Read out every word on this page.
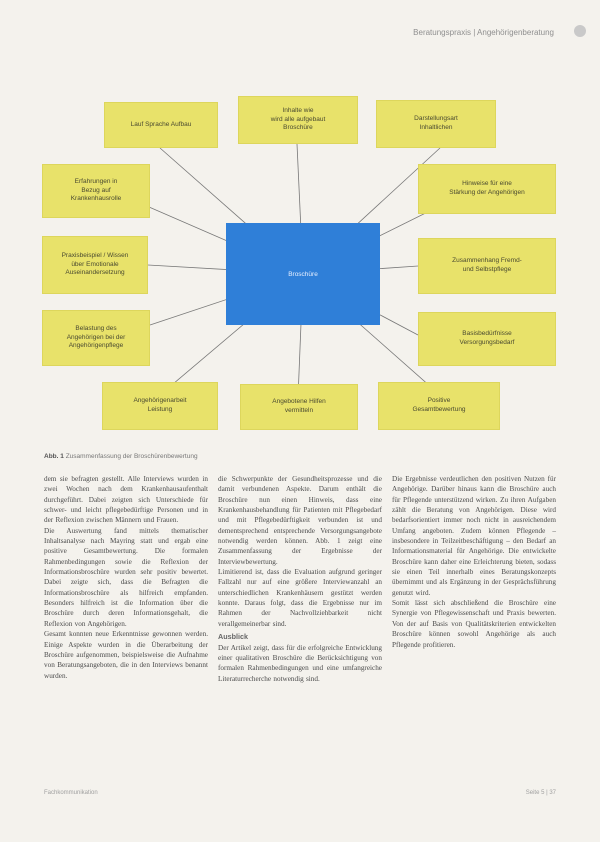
Beratungspraxis | Angehörigenberatung
Lauf Sprache Aufbau
Inhalte wie
wird alle aufgebaut
Broschüre
Darstellungsart
Inhaltlichen
Erfahrungen in
Bezug auf
Krankenhausrolle
Hinweise für eine
Stärkung der Angehörigen
Praxisbeispiel / Wissen
über Emotionale
Auseinandersetzung
Zusammenhang Fremd-
und Selbstpflege
Belastung des
Angehörigen bei der
Angehörigenpflege
Basisbedürfnisse
Versorgungsbedarf
Angehörigenarbeit
Leistung
Angebotene Hilfen
vermitteln
Positive
Gesamtbewertung
Broschüre
Abb. 1 Zusammenfassung der Broschürenbewertung

dem sie befragten gestellt. Alle Interviews wurden in zwei Wochen nach dem Krankenhausaufenthalt durchgeführt. Dabei zeigten sich Unterschiede für schwer- und leicht pflegebedürftige Personen und in der Reflexion zwischen Männern und Frauen.

Die Auswertung fand mittels thematischer Inhaltsanalyse nach Mayring statt und ergab eine positive Gesamtbewertung. Die formalen Rahmenbedingungen sowie die Reflexion der Informationsbroschüre wurden sehr positiv bewertet. Dabei zeigte sich, dass die Befragten die Informationsbroschüre als hilfreich empfanden. Besonders hilfreich ist die Information über die Broschüre durch deren Informationsgehalt, die Reflexion von Angehörigen.

Gesamt konnten neue Erkenntnisse gewonnen werden. Einige Aspekte wurden in die Überarbeitung der Broschüre aufgenommen, beispielsweise die Aufnahme von Beratungsangeboten, die in den Interviews benannt wurden.

die Schwerpunkte der Gesundheitsprozesse und die damit verbundenen Aspekte. Darum enthält die Broschüre nun einen Hinweis, dass eine Krankenhausbehandlung für Patienten mit Pflegebedarf und mit Pflegebedürftigkeit verbunden ist und dementsprechend entsprechende Versorgungsangebote notwendig werden können. Abb. 1 zeigt eine Zusammenfassung der Ergebnisse der Interviewbewertung.

Limitierend ist, dass die Evaluation aufgrund geringer Fallzahl nur auf eine größere Interviewanzahl an unterschiedlichen Krankenhäusern gestützt werden konnte. Daraus folgt, dass die Ergebnisse nur im Rahmen der Nachvollziehbarkeit nicht verallgemeinerbar sind.

Ausblick

Der Artikel zeigt, dass für die erfolgreiche Entwicklung einer qualitativen Broschüre die Berücksichtigung von formalen Rahmenbedingungen und eine umfangreiche Literaturrecherche notwendig sind.

Die Ergebnisse verdeutlichen den positiven Nutzen für Angehörige. Darüber hinaus kann die Broschüre auch für Pflegende unterstützend wirken. Zu ihren Aufgaben zählt die Beratung von Angehörigen. Diese wird bedarfsorientiert immer noch nicht in ausreichendem Umfang angeboten. Zudem können Pflegende – insbesondere in Teilzeitbeschäftigung – den Bedarf an Informationsmaterial für Angehörige. Die entwickelte Broschüre kann daher eine Erleichterung bieten, sodass sie einen Teil innerhalb eines Beratungskonzepts übernimmt und als Ergänzung in der Gesprächsführung genutzt wird.

Somit lässt sich abschließend die Broschüre eine Synergie von Pflegewissenschaft und Praxis bewerten. Von der auf Basis von Qualitätskriterien entwickelten Broschüre können sowohl Angehörige als auch Pflegende profitieren.

Fachkommunikation	Seite 5 | 37
